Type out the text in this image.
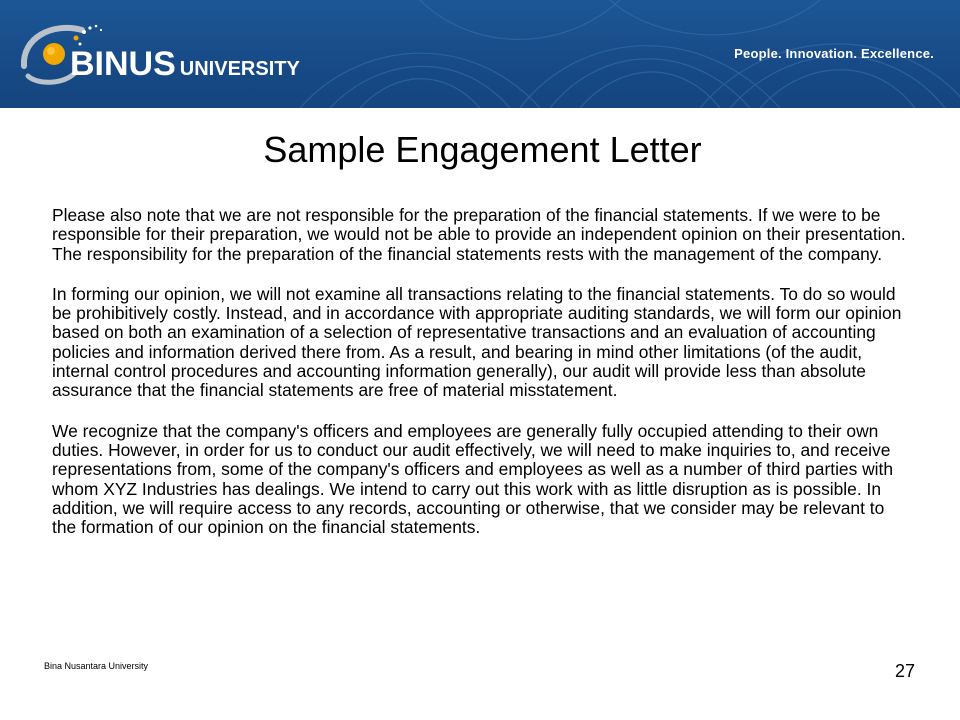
BINUS UNIVERSITY
People. Innovation. Excellence.
Sample Engagement Letter

Please also note that we are not responsible for the preparation of the financial statements. If we were to be responsible for their preparation, we would not be able to provide an independent opinion on their presentation. The responsibility for the preparation of the financial statements rests with the management of the company.

In forming our opinion, we will not examine all transactions relating to the financial statements. To do so would be prohibitively costly. Instead, and in accordance with appropriate auditing standards, we will form our opinion based on both an examination of a selection of representative transactions and an evaluation of accounting policies and information derived there from. As a result, and bearing in mind other limitations (of the audit, internal control procedures and accounting information generally), our audit will provide less than absolute assurance that the financial statements are free of material misstatement.

We recognize that the company's officers and employees are generally fully occupied attending to their own duties. However, in order for us to conduct our audit effectively, we will need to make inquiries to, and receive representations from, some of the company's officers and employees as well as a number of third parties with whom XYZ Industries has dealings. We intend to carry out this work with as little disruption as is possible. In addition, we will require access to any records, accounting or otherwise, that we consider may be relevant to the formation of our opinion on the financial statements.

Bina Nusantara University	27
